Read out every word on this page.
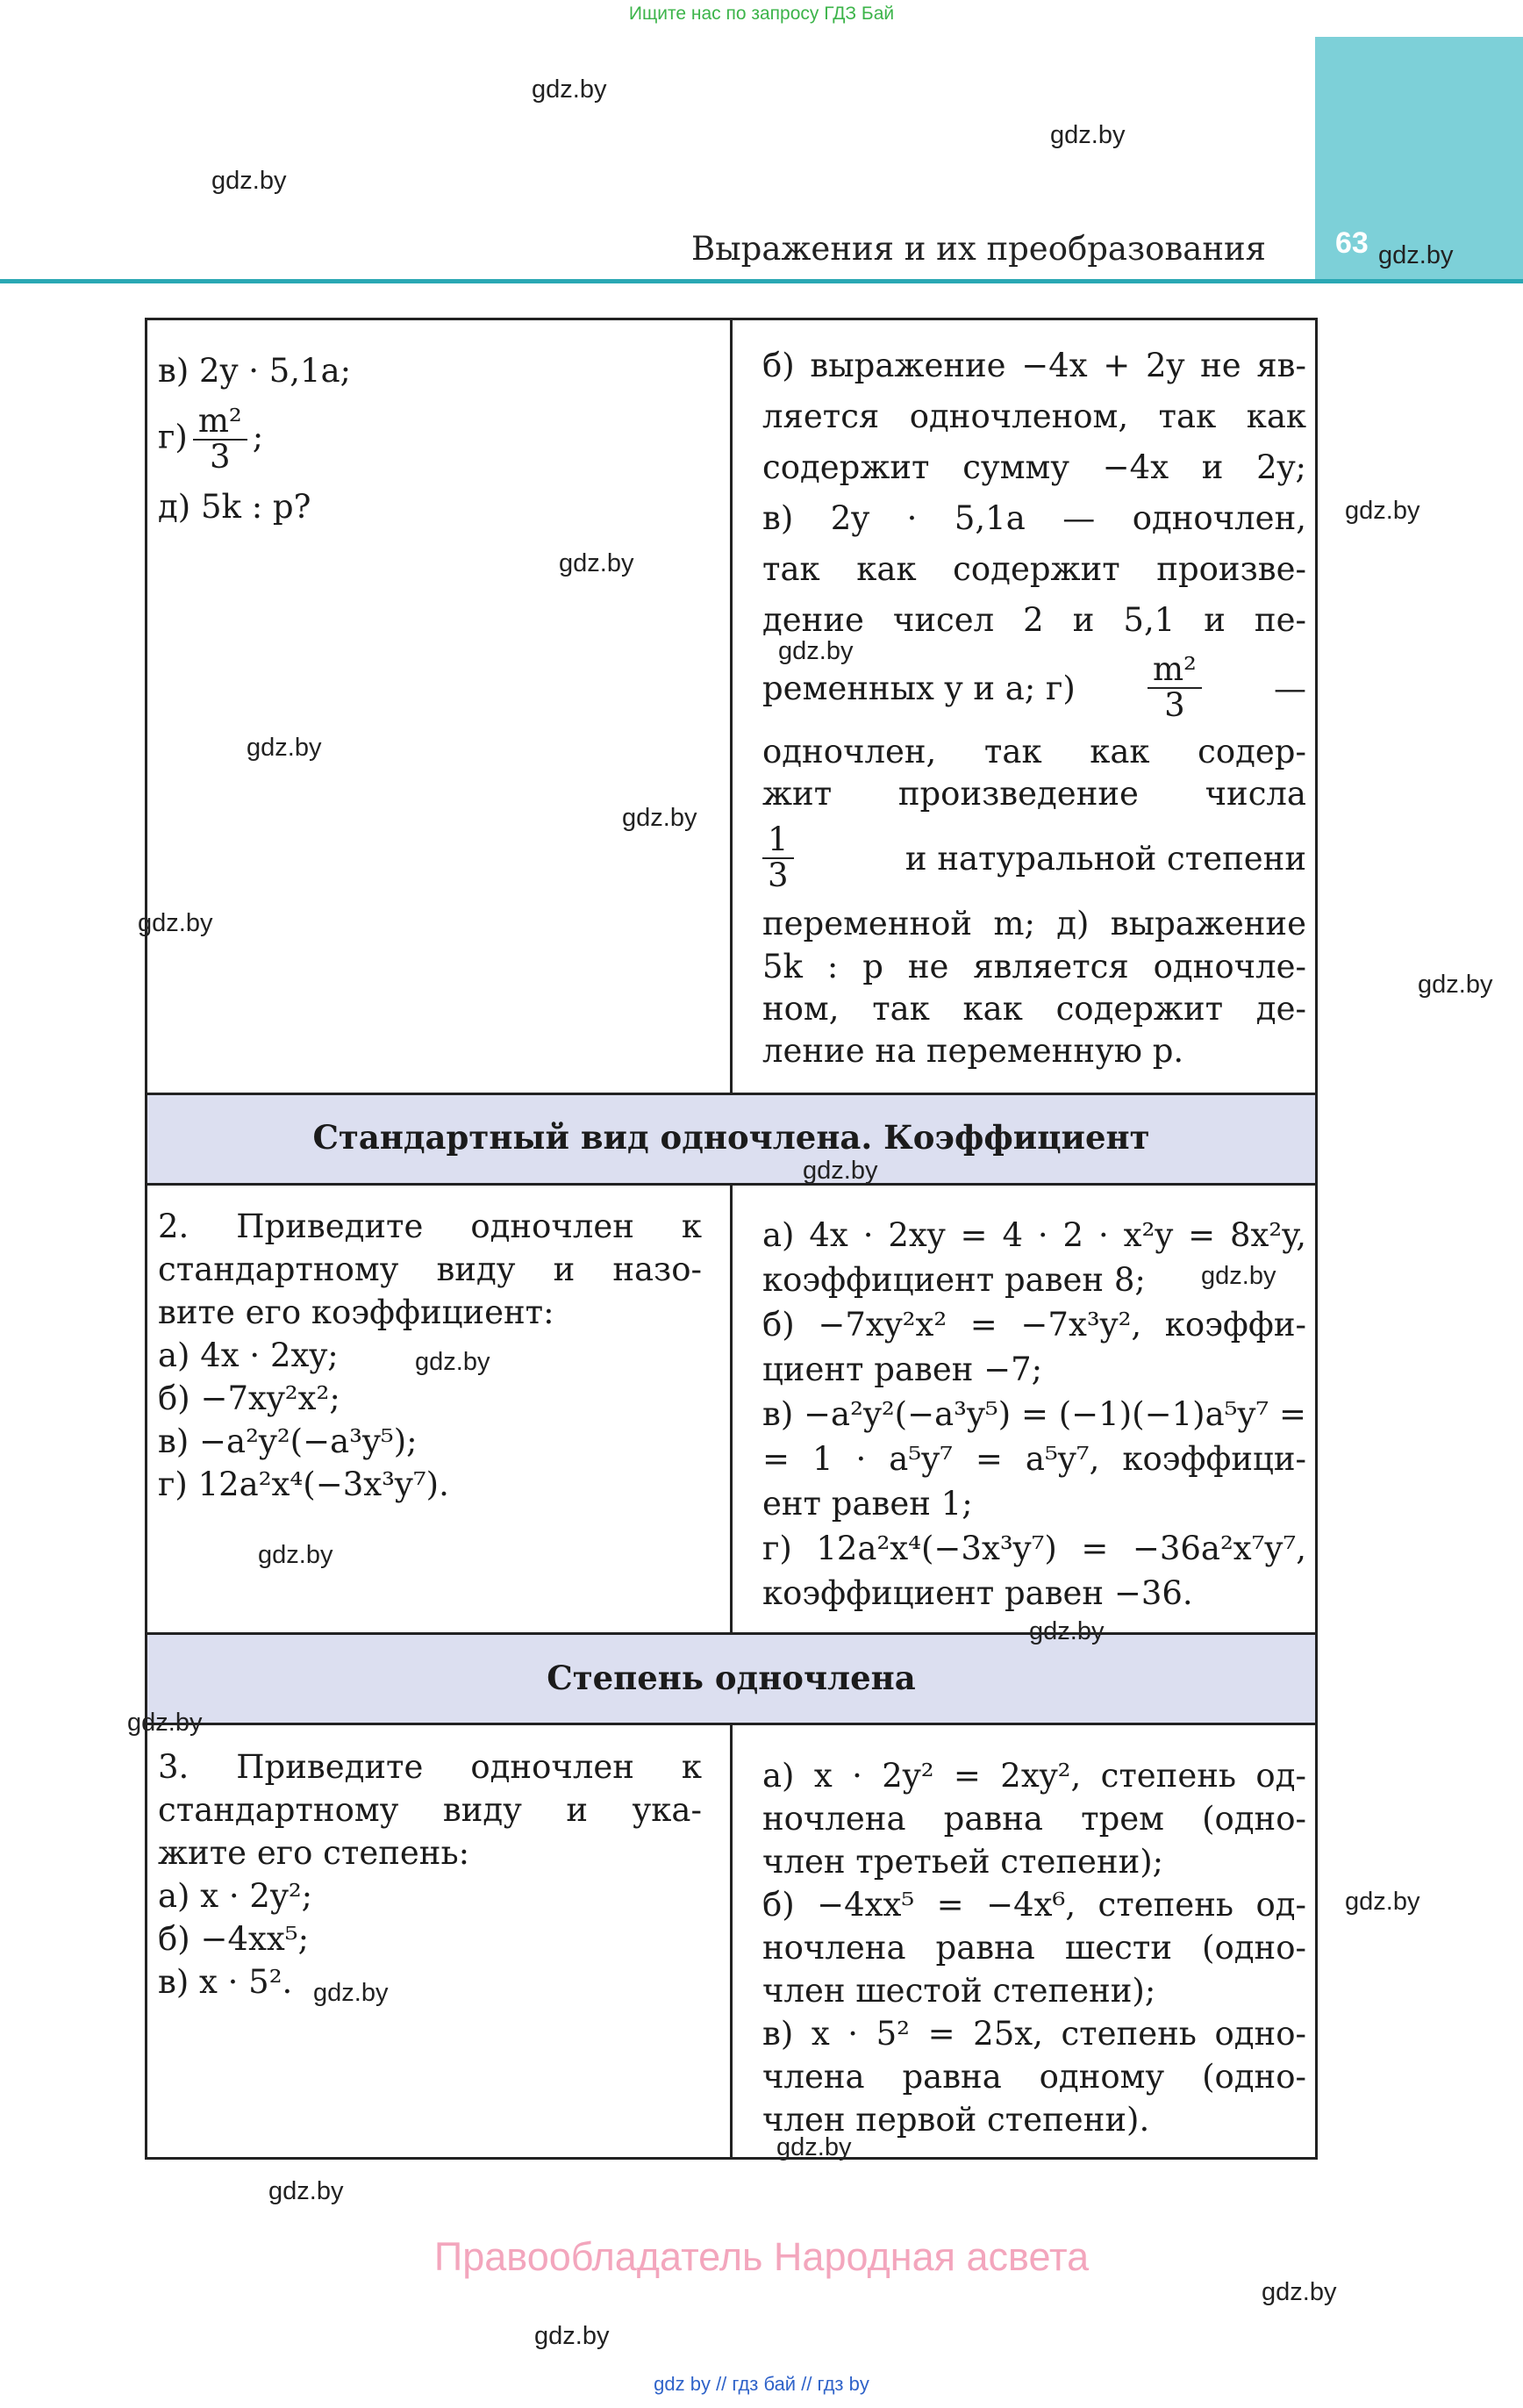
Ищите нас по запросу ГДЗ Бай
63
Выражения и их преобразования

в) 2y · 5,1a;

$г) \frac{\text{m²}}{3}$ ;

д) 5k : p?

б) выражение −4x + 2y не яв-

ляется одночленом, так как

содержит сумму −4x и 2y;

в) 2y · 5,1a — одночлен,

так как содержит произве-

дение чисел 2 и 5,1 и пе-

ременных y и a; $г) \frac{\text{m²}}{3}$ —

одночлен, так как содер-

жит произведение числа

$\frac{1}{3}$	и натуральной степени

переменной m; д) выражение

5k : p не является одночле-

ном, так как содержит де-

ление на переменную p.

Стандартный вид одночлена. Коэффициент

2. Приведите одночлен к

стандартному виду и назо-

вите его коэффициент:

а) 4x · 2xy;

б) −7xy²x²;

в) −a²y²(−a³y⁵);

г) 12a²x⁴(−3x³y⁷).

а) 4x · 2xy = 4 · 2 · x²y = 8x²y,

коэффициент равен 8;

б) −7xy²x² = −7x³y², коэффи-

циент равен −7;

в) −a²y²(−a³y⁵) = (−1)(−1)a⁵y⁷ =

= 1 · a⁵y⁷ = a⁵y⁷, коэффици-

ент равен 1;

г) 12a²x⁴(−3x³y⁷) = −36a²x⁷y⁷,

коэффициент равен −36.

Степень одночлена

3. Приведите одночлен к

стандартному виду и ука-

жите его степень:

а) x · 2y²;

б) −4xx⁵;

в) x · 5².

а) x · 2y² = 2xy², степень од-

ночлена равна трем (одно-

член третьей степени);

б) −4xx⁵ = −4x⁶, степень од-

ночлена равна шести (одно-

член шестой степени);

в) x · 5² = 25x, степень одно-

члена равна одному (одно-

член первой степени).

gdz.by
gdz.by
gdz.by
gdz.by
gdz.by
gdz.by
gdz.by
gdz.by
gdz.by
gdz.by
gdz.by
gdz.by
gdz.by
gdz.by
gdz.by
gdz.by
gdz.by
gdz.by
gdz.by
gdz.by
gdz.by
gdz.by
gdz.by
Правообладатель Народная асвета
gdz by // гдз бай // гдз by
